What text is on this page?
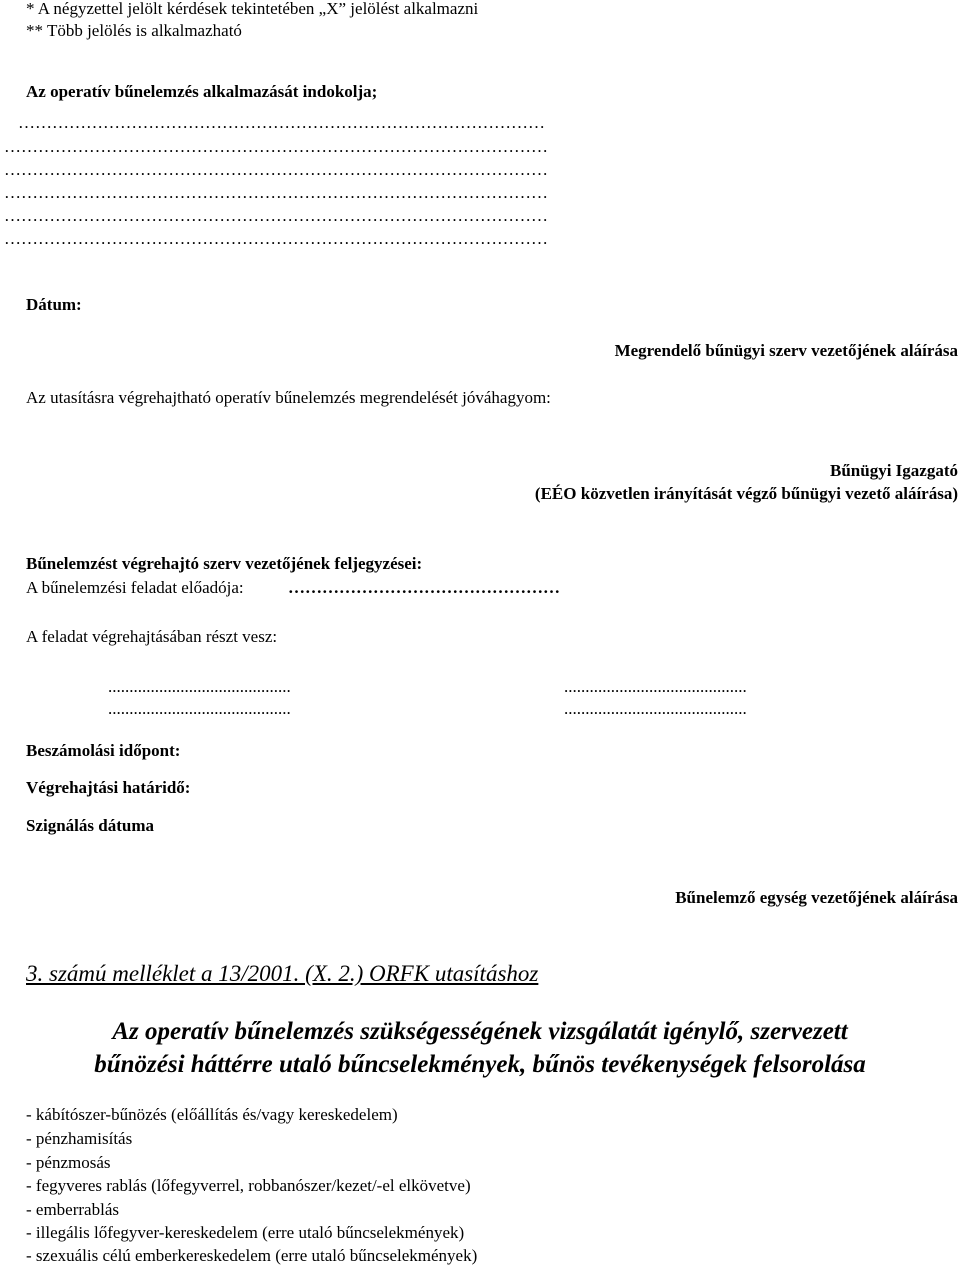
* A négyzettel jelölt kérdések tekintetében „X” jelölést alkalmazni
** Több jelölés is alkalmazható
Az operatív bűnelemzés alkalmazását indokolja;
…………………………………………………………………………………
……………………………………………………………………………………
……………………………………………………………………………………
……………………………………………………………………………………
……………………………………………………………………………………
……………………………………………………………………………………
Dátum:
Megrendelő bűnügyi szerv vezetőjének aláírása
Az utasításra végrehajtható operatív bűnelemzés megrendelését jóváhagyom:
Bűnügyi Igazgató
(EÉO közvetlen irányítását végző bűnügyi vezető aláírása)
Bűnelemzést végrehajtó szerv vezetőjének feljegyzései:
A bűnelemzési feladat előadója:	…………………………………………
A feladat végrehajtásában részt vesz:
...........................................	...........................................
...........................................	...........................................
Beszámolási időpont:
Végrehajtási határidő:
Szignálás dátuma
Bűnelemző egység vezetőjének aláírása
3. számú melléklet a 13/2001. (X. 2.) ORFK utasításhoz
Az operatív bűnelemzés szükségességének vizsgálatát igénylő, szervezett
bűnözési háttérre utaló bűncselekmények, bűnös tevékenységek felsorolása
- kábítószer-bűnözés (előállítás és/vagy kereskedelem)
- pénzhamisítás
- pénzmosás
- fegyveres rablás (lőfegyverrel, robbanószer/kezet/-el elkövetve)
- emberrablás
- illegális lőfegyver-kereskedelem (erre utaló bűncselekmények)
- szexuális célú emberkereskedelem (erre utaló bűncselekmények)
